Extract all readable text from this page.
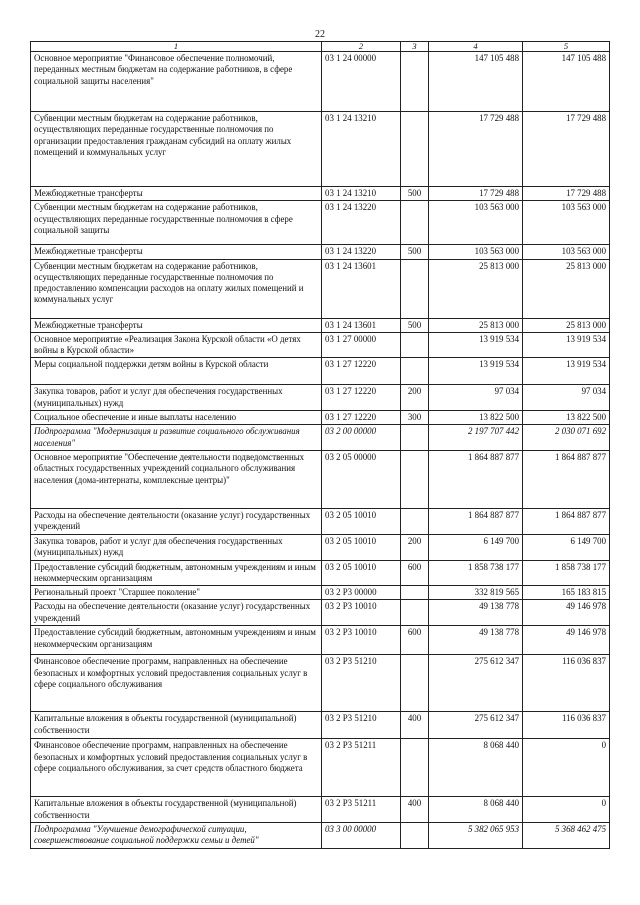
22
1	2	3	4	5
Основное мероприятие "Финансовое обеспечение полномочий, переданных местным бюджетам на содержание работников, в сфере социальной защиты населения"	03 1 24 00000		147 105 488	147 105 488
Субвенции местным бюджетам на содержание работников, осуществляющих переданные государственные полномочия по организации предоставления гражданам субсидий на оплату жилых помещений и коммунальных услуг	03 1 24 13210		17 729 488	17 729 488
Межбюджетные трансферты	03 1 24 13210	500	17 729 488	17 729 488
Субвенции местным бюджетам на содержание работников, осуществляющих переданные государственные полномочия в сфере социальной защиты	03 1 24 13220		103 563 000	103 563 000
Межбюджетные трансферты	03 1 24 13220	500	103 563 000	103 563 000
Субвенции местным бюджетам на содержание работников, осуществляющих переданные государственные полномочия по предоставлению компенсации расходов на оплату жилых помещений и коммунальных услуг	03 1 24 13601		25 813 000	25 813 000
Межбюджетные трансферты	03 1 24 13601	500	25 813 000	25 813 000
Основное мероприятие «Реализация Закона Курской области «О детях войны в Курской области»	03 1 27 00000		13 919 534	13 919 534
Меры социальной поддержки детям войны в Курской области	03 1 27 12220		13 919 534	13 919 534
Закупка товаров, работ и услуг для обеспечения государственных (муниципальных) нужд	03 1 27 12220	200	97 034	97 034
Социальное обеспечение и иные выплаты населению	03 1 27 12220	300	13 822 500	13 822 500
Подпрограмма "Модернизация и развитие социального обслуживания населения"	03 2 00 00000		2 197 707 442	2 030 071 692
Основное мероприятие "Обеспечение деятельности подведомственных областных государственных учреждений социального обслуживания населения (дома-интернаты, комплексные центры)"	03 2 05 00000		1 864 887 877	1 864 887 877
Расходы на обеспечение деятельности (оказание услуг) государственных учреждений	03 2 05 10010		1 864 887 877	1 864 887 877
Закупка товаров, работ и услуг для обеспечения государственных (муниципальных) нужд	03 2 05 10010	200	6 149 700	6 149 700
Предоставление субсидий бюджетным, автономным учреждениям и иным некоммерческим организациям	03 2 05 10010	600	1 858 738 177	1 858 738 177
Региональный проект "Старшее поколение"	03 2 P3 00000		332 819 565	165 183 815
Расходы на обеспечение деятельности (оказание услуг) государственных учреждений	03 2 P3 10010		49 138 778	49 146 978
Предоставление субсидий бюджетным, автономным учреждениям и иным некоммерческим организациям	03 2 P3 10010	600	49 138 778	49 146 978
Финансовое обеспечение программ, направленных на обеспечение безопасных и комфортных условий предоставления социальных услуг в сфере социального обслуживания	03 2 P3 51210		275 612 347	116 036 837
Капитальные вложения в объекты государственной (муниципальной) собственности	03 2 P3 51210	400	275 612 347	116 036 837
Финансовое обеспечение программ, направленных на обеспечение безопасных и комфортных условий предоставления социальных услуг в сфере социального обслуживания, за счет средств областного бюджета	03 2 P3 51211		8 068 440	0
Капитальные вложения в объекты государственной (муниципальной) собственности	03 2 P3 51211	400	8 068 440	0
Подпрограмма "Улучшение демографической ситуации, совершенствование социальной поддержки семьи и детей"	03 3 00 00000		5 382 065 953	5 368 462 475
